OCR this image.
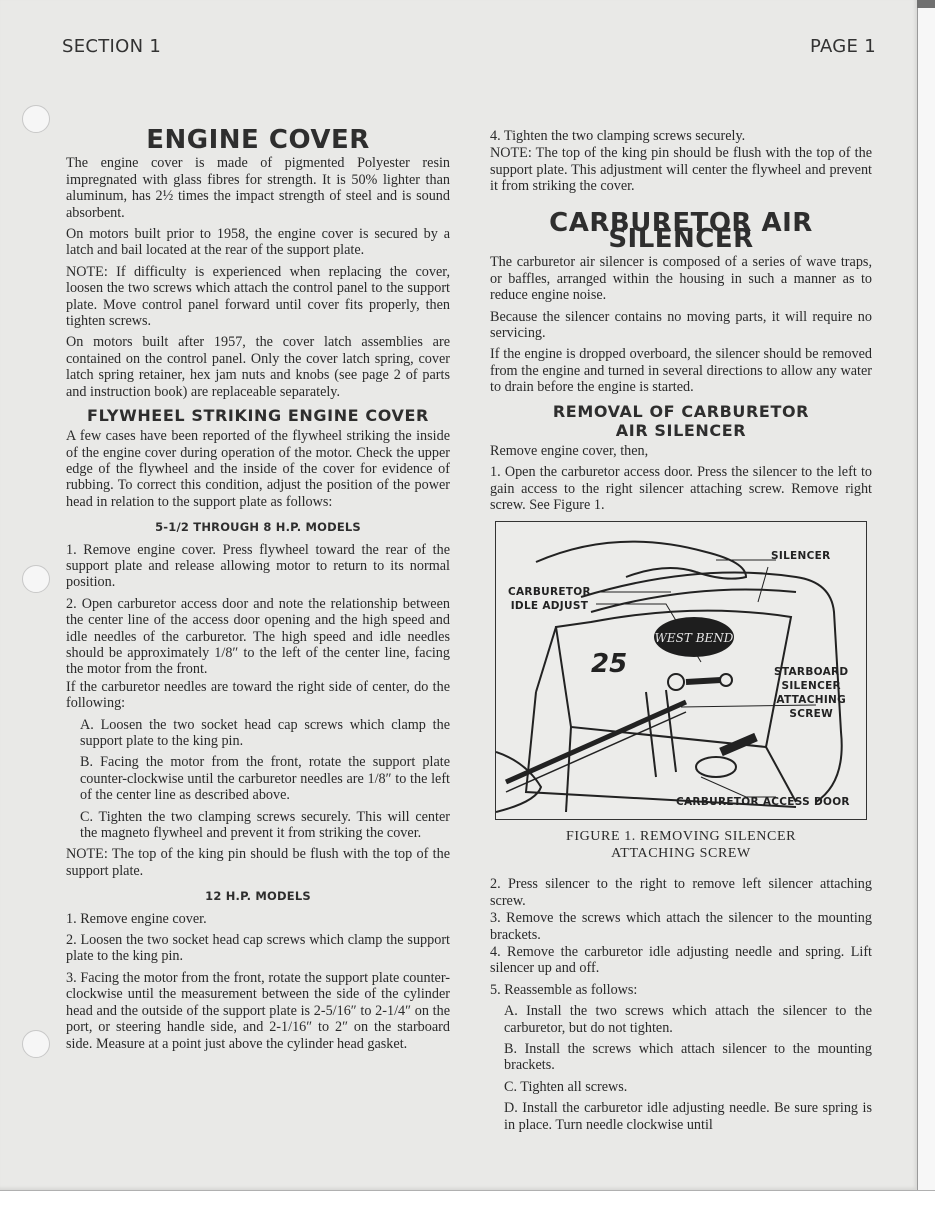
SECTION 1	PAGE 1
ENGINE COVER

The engine cover is made of pigmented Polyester resin impregnated with glass fibres for strength. It is 50% lighter than aluminum, has 2½ times the impact strength of steel and is sound absorbent.

On motors built prior to 1958, the engine cover is secured by a latch and bail located at the rear of the support plate.

NOTE: If difficulty is experienced when replacing the cover, loosen the two screws which attach the control panel to the support plate. Move control panel forward until cover fits properly, then tighten screws.

On motors built after 1957, the cover latch assemblies are contained on the control panel. Only the cover latch spring, cover latch spring retainer, hex jam nuts and knobs (see page 2 of parts and instruction book) are replaceable separately.

FLYWHEEL STRIKING ENGINE COVER

A few cases have been reported of the flywheel striking the inside of the engine cover during operation of the motor. Check the upper edge of the flywheel and the inside of the cover for evidence of rubbing. To correct this condition, adjust the position of the power head in relation to the support plate as follows:

5-1/2 THROUGH 8 H.P. MODELS

1. Remove engine cover. Press flywheel toward the rear of the support plate and release allowing motor to return to its normal position.

2. Open carburetor access door and note the relationship between the center line of the access door opening and the high speed and idle needles of the carburetor. The high speed and idle needles should be approximately 1/8″ to the left of the center line, facing the motor from the front.

If the carburetor needles are toward the right side of center, do the following:

A. Loosen the two socket head cap screws which clamp the support plate to the king pin.

B. Facing the motor from the front, rotate the support plate counter-clockwise until the carburetor needles are 1/8″ to the left of the center line as described above.

C. Tighten the two clamping screws securely. This will center the magneto flywheel and prevent it from striking the cover.

NOTE: The top of the king pin should be flush with the top of the support plate.

12 H.P. MODELS

1. Remove engine cover.

2. Loosen the two socket head cap screws which clamp the support plate to the king pin.

3. Facing the motor from the front, rotate the support plate counter-clockwise until the measurement between the side of the cylinder head and the outside of the support plate is 2-5/16″ to 2-1/4″ on the port, or steering handle side, and 2-1/16″ to 2″ on the starboard side. Measure at a point just above the cylinder head gasket.

4. Tighten the two clamping screws securely.

NOTE: The top of the king pin should be flush with the top of the support plate. This adjustment will center the flywheel and prevent it from striking the cover.

CARBURETOR AIR SILENCER

The carburetor air silencer is composed of a series of wave traps, or baffles, arranged within the housing in such a manner as to reduce engine noise.

Because the silencer contains no moving parts, it will require no servicing.

If the engine is dropped overboard, the silencer should be removed from the engine and turned in several directions to allow any water to drain before the engine is started.

REMOVAL OF CARBURETOR
AIR SILENCER

Remove engine cover, then,

1. Open the carburetor access door. Press the silencer to the left to gain access to the right silencer attaching screw. Remove right screw. See Figure 1.

WEST BEND
25
SILENCER
CARBURETOR
IDLE ADJUST
STARBOARD
SILENCER
ATTACHING
SCREW
CARBURETOR ACCESS DOOR
FIGURE 1. REMOVING SILENCER
ATTACHING SCREW

2. Press silencer to the right to remove left silencer attaching screw.

3. Remove the screws which attach the silencer to the mounting brackets.

4. Remove the carburetor idle adjusting needle and spring. Lift silencer up and off.

5. Reassemble as follows:

A. Install the two screws which attach the silencer to the carburetor, but do not tighten.

B. Install the screws which attach silencer to the mounting brackets.

C. Tighten all screws.

D. Install the carburetor idle adjusting needle. Be sure spring is in place. Turn needle clockwise until
